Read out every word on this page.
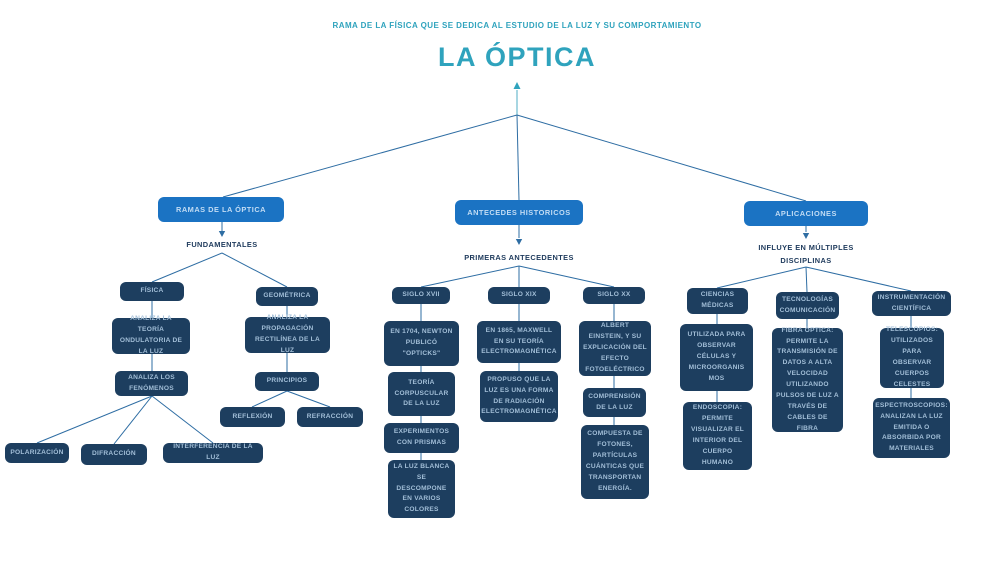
RAMA DE LA FÍSICA QUE SE DEDICA AL ESTUDIO DE LA LUZ Y SU COMPORTAMIENTO
LA ÓPTICA
RAMAS DE LA ÓPTICA	ANTECEDES HISTORICOS	APLICACIONES
FUNDAMENTALES
PRIMERAS ANTECEDENTES
INFLUYE EN MÚLTIPLES DISCIPLINAS
FÍSICA
ANALIZA LA TEORÍA ONDULATORIA DE LA LUZ
ANALIZA LOS FENÓMENOS
POLARIZACIÓN	DIFRACCIÓN
INTERFERENCIA DE LA LUZ
GEOMÉTRICA
ANALIZA LA PROPAGACIÓN RECTILÍNEA DE LA LUZ
PRINCIPIOS
REFLEXIÓN	REFRACCIÓN
SIGLO XVII
EN 1704, NEWTON PUBLICÓ "OPTICKS"
TEORÍA CORPUSCULAR DE LA LUZ
EXPERIMENTOS CON PRISMAS
LA LUZ BLANCA SE DESCOMPONE EN VARIOS COLORES
SIGLO XIX
EN 1865, MAXWELL EN SU TEORÍA ELECTROMAGNÉTICA
PROPUSO QUE LA LUZ ES UNA FORMA DE RADIACIÓN ELECTROMAGNÉTICA
SIGLO XX
ALBERT EINSTEIN, Y SU EXPLICACIÓN DEL EFECTO FOTOELÉCTRICO
COMPRENSIÓN DE LA LUZ
COMPUESTA DE FOTONES, PARTÍCULAS CUÁNTICAS QUE TRANSPORTAN ENERGÍA.
CIENCIAS MÉDICAS
UTILIZADA PARA OBSERVAR CÉLULAS Y MICROORGANIS MOS
ENDOSCOPIA: PERMITE VISUALIZAR EL INTERIOR DEL CUERPO HUMANO
TECNOLOGÍAS COMUNICACIÓN
FIBRA ÓPTICA: PERMITE LA TRANSMISIÓN DE DATOS A ALTA VELOCIDAD UTILIZANDO PULSOS DE LUZ A TRAVÉS DE CABLES DE FIBRA
INSTRUMENTACIÓN CIENTÍFICA
TELESCOPIOS: UTILIZADOS PARA OBSERVAR CUERPOS CELESTES
ESPECTROSCOPIOS: ANALIZAN LA LUZ EMITIDA O ABSORBIDA POR MATERIALES
